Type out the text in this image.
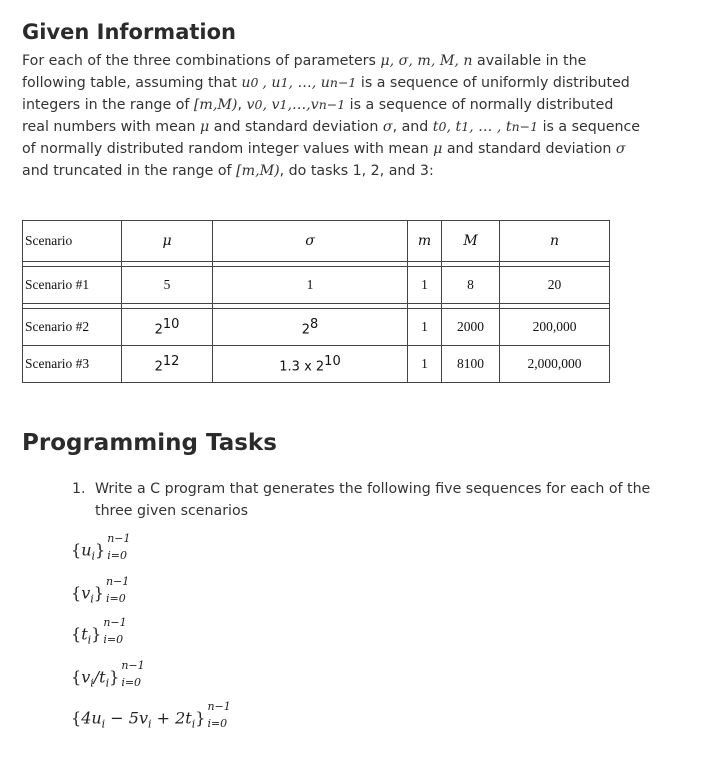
Given Information
For each of the three combinations of parameters μ, σ, m, M, n available in the
following table, assuming that u0 , u1, …, un−1 is a sequence of uniformly distributed
integers in the range of [m,M), v0, v1,…,vn−1 is a sequence of normally distributed
real numbers with mean μ and standard deviation σ, and t0, t1, … , tn−1 is a sequence
of normally distributed random integer values with mean μ and standard deviation σ
and truncated in the range of [m,M), do tasks 1, 2, and 3:
Scenario	μ	σ	m	M	n

Scenario #1	5	1	1	8	20

Scenario #2	210	28	1	2000	200,000
Scenario #3	212	1.3 x 210	1	8100	2,000,000
Programming Tasks
1. Write a C program that generates the following five sequences for each of the three given scenarios
$\{u_i\}$
n−1
i=0
$\{v_i\}$
n−1
i=0
$\{t_i\}$
n−1
i=0
$\{v_i/t_i\}$
n−1
i=0
$\{4u_i - 5v_i + 2t_i\}$
n−1
i=0
